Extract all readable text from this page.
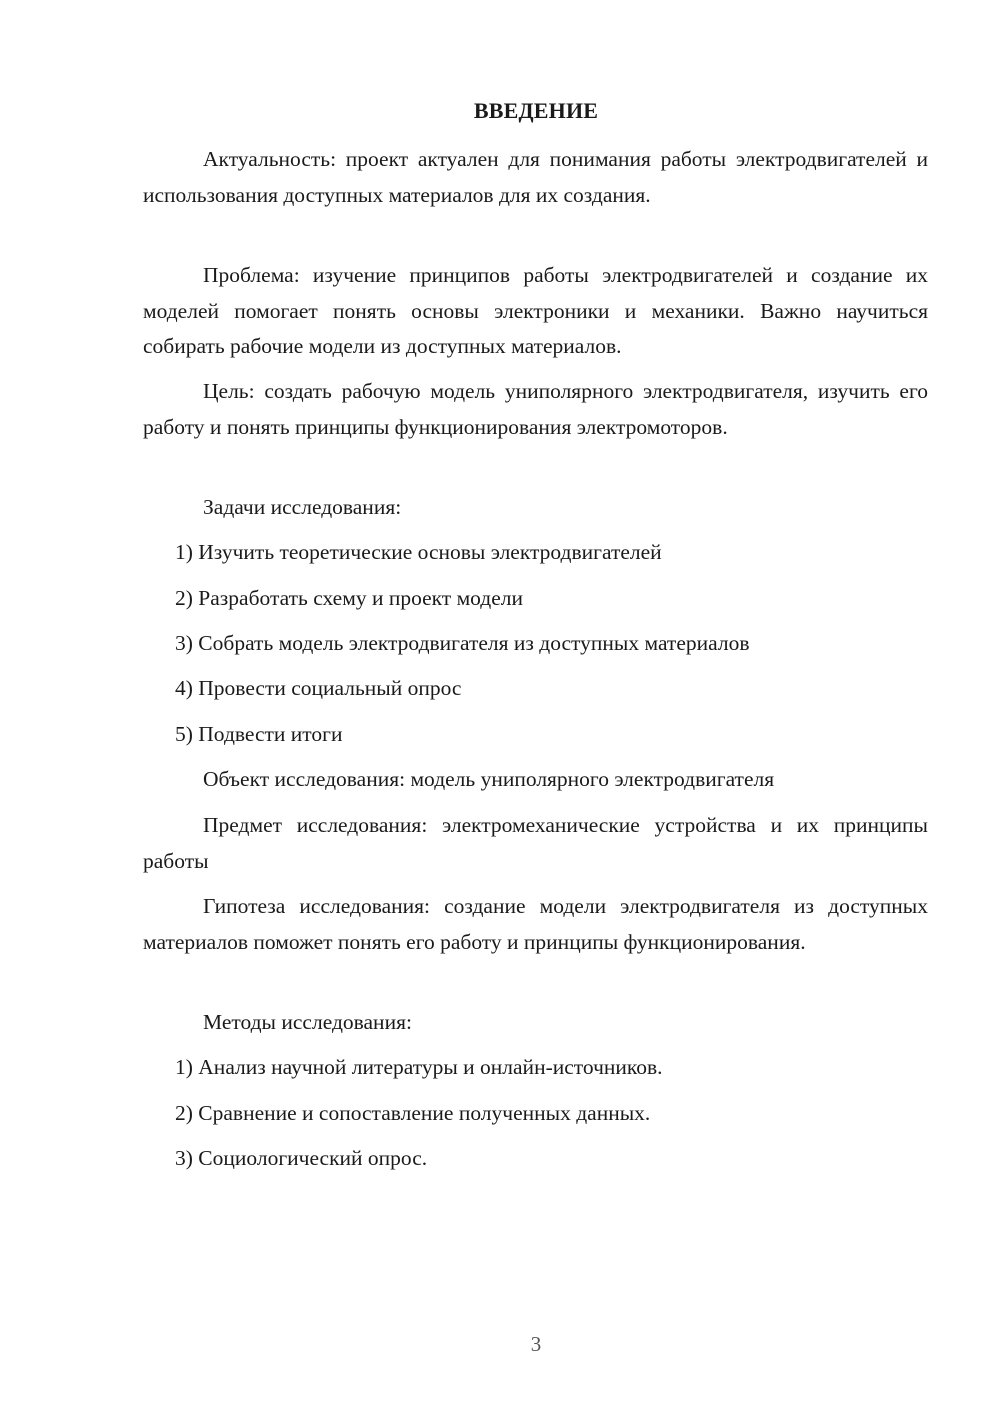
ВВЕДЕНИЕ

Актуальность: проект актуален для понимания работы электродвигателей и использования доступных материалов для их создания.

Проблема: изучение принципов работы электродвигателей и создание их моделей помогает понять основы электроники и механики. Важно научиться собирать рабочие модели из доступных материалов.

Цель: создать рабочую модель униполярного электродвигателя, изучить его работу и понять принципы функционирования электромоторов.

Задачи исследования:
1) Изучить теоретические основы электродвигателей
2) Разработать схему и проект модели
3) Собрать модель электродвигателя из доступных материалов
4) Провести социальный опрос
5) Подвести итоги
Объект исследования: модель униполярного электродвигателя

Предмет исследования: электромеханические устройства и их принципы работы

Гипотеза исследования: создание модели электродвигателя из доступных материалов поможет понять его работу и принципы функционирования.

Методы исследования:
1) Анализ научной литературы и онлайн-источников.
2) Сравнение и сопоставление полученных данных.
3) Социологический опрос.
3
